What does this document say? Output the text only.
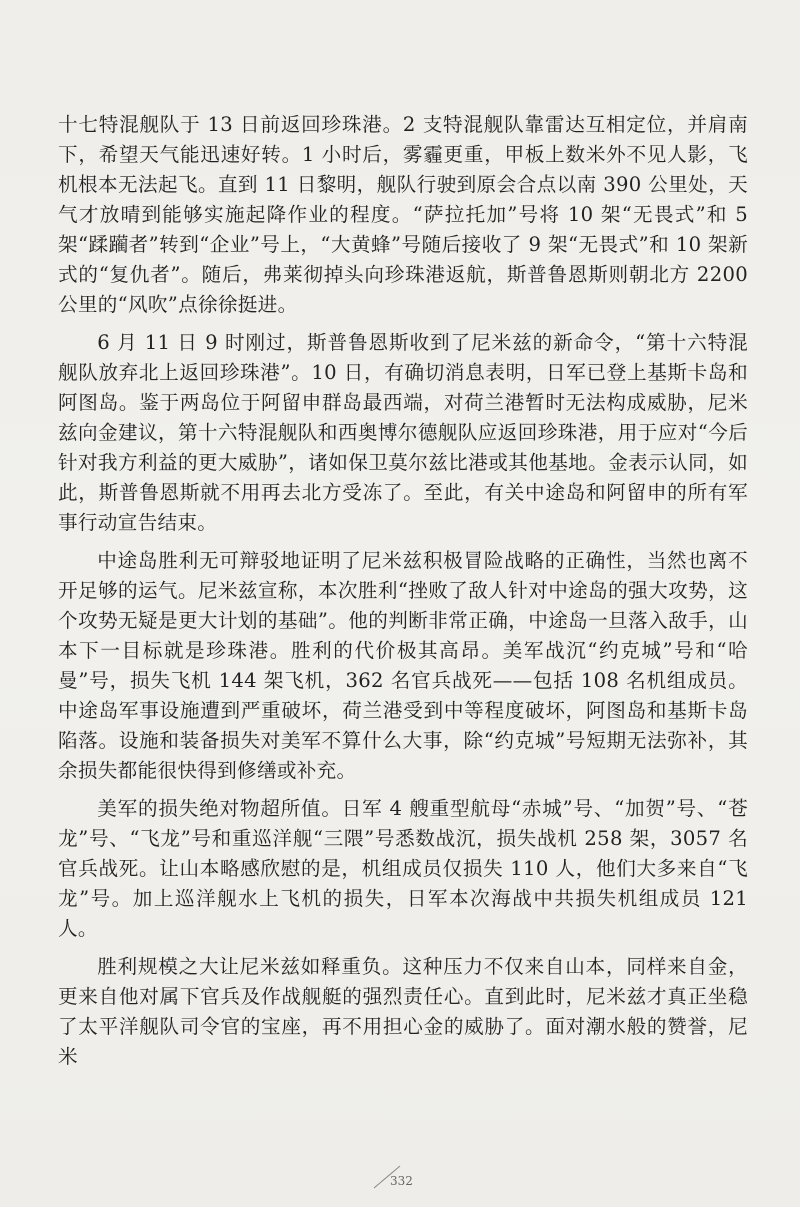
十七特混舰队于 13 日前返回珍珠港。2 支特混舰队靠雷达互相定位，并肩南下，希望天气能迅速好转。1 小时后，雾霾更重，甲板上数米外不见人影，飞机根本无法起飞。直到 11 日黎明，舰队行驶到原会合点以南 390 公里处，天气才放晴到能够实施起降作业的程度。“萨拉托加”号将 10 架“无畏式”和 5 架“蹂躏者”转到“企业”号上，“大黄蜂”号随后接收了 9 架“无畏式”和 10 架新式的“复仇者”。随后，弗莱彻掉头向珍珠港返航，斯普鲁恩斯则朝北方 2200 公里的“风吹”点徐徐挺进。

6 月 11 日 9 时刚过，斯普鲁恩斯收到了尼米兹的新命令，“第十六特混舰队放弃北上返回珍珠港”。10 日，有确切消息表明，日军已登上基斯卡岛和阿图岛。鉴于两岛位于阿留申群岛最西端，对荷兰港暂时无法构成威胁，尼米兹向金建议，第十六特混舰队和西奥博尔德舰队应返回珍珠港，用于应对“今后针对我方利益的更大威胁”，诸如保卫莫尔兹比港或其他基地。金表示认同，如此，斯普鲁恩斯就不用再去北方受冻了。至此，有关中途岛和阿留申的所有军事行动宣告结束。

中途岛胜利无可辩驳地证明了尼米兹积极冒险战略的正确性，当然也离不开足够的运气。尼米兹宣称，本次胜利“挫败了敌人针对中途岛的强大攻势，这个攻势无疑是更大计划的基础”。他的判断非常正确，中途岛一旦落入敌手，山本下一目标就是珍珠港。胜利的代价极其高昂。美军战沉“约克城”号和“哈曼”号，损失飞机 144 架飞机，362 名官兵战死——包括 108 名机组成员。中途岛军事设施遭到严重破坏，荷兰港受到中等程度破坏，阿图岛和基斯卡岛陷落。设施和装备损失对美军不算什么大事，除“约克城”号短期无法弥补，其余损失都能很快得到修缮或补充。

美军的损失绝对物超所值。日军 4 艘重型航母“赤城”号、“加贺”号、“苍龙”号、“飞龙”号和重巡洋舰“三隈”号悉数战沉，损失战机 258 架，3057 名官兵战死。让山本略感欣慰的是，机组成员仅损失 110 人，他们大多来自“飞龙”号。加上巡洋舰水上飞机的损失，日军本次海战中共损失机组成员 121 人。

胜利规模之大让尼米兹如释重负。这种压力不仅来自山本，同样来自金，更来自他对属下官兵及作战舰艇的强烈责任心。直到此时，尼米兹才真正坐稳了太平洋舰队司令官的宝座，再不用担心金的威胁了。面对潮水般的赞誉，尼米

332
